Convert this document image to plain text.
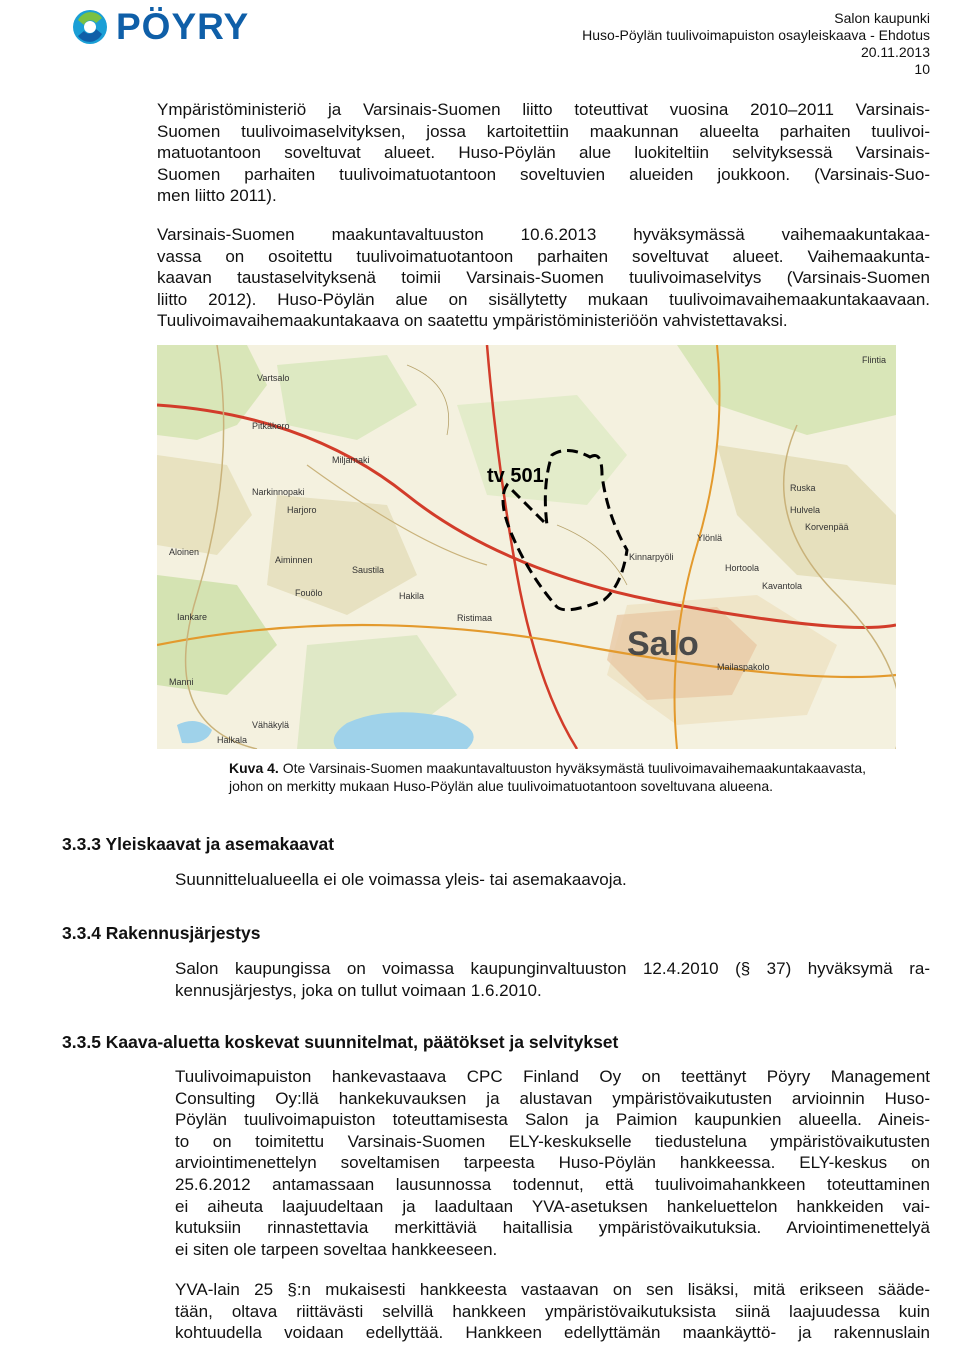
PÖYRY	Salon kaupunki
Huso-Pöylän tuulivoimapuiston osayleiskaava - Ehdotus
20.11.2013
10
Ympäristöministeriö ja Varsinais-Suomen liitto toteuttivat vuosina 2010–2011 Varsinais-
Suomen tuulivoimaselvityksen, jossa kartoitettiin maakunnan alueelta parhaiten tuulivoi-
matuotantoon soveltuvat alueet. Huso-Pöylän alue luokiteltiin selvityksessä Varsinais-
Suomen parhaiten tuulivoimatuotantoon soveltuvien alueiden joukkoon. (Varsinais-Suo-
men liitto 2011).
Varsinais-Suomen maakuntavaltuuston 10.6.2013 hyväksymässä vaihemaakuntakaa-
vassa on osoitettu tuulivoimatuotantoon parhaiten soveltuvat alueet. Vaihemaakunta-
kaavan taustaselvityksenä toimii Varsinais-Suomen tuulivoimaselvitys (Varsinais-Suomen
liitto 2012). Huso-Pöylän alue on sisällytetty mukaan tuulivoimavaihemaakuntakaavaan.
Tuulivoimavaihemaakuntakaava on saatettu ympäristöministeriöön vahvistettavaksi.
tv 501
Flintia
Vartsalo
Pitkäkero
Miljamaki
Narkinnopaki
Harjoro
Aiminnen
Ylönlä
Ruska
Hulvela
Korvenpää
Kinnarpyöli
Saustila
Fouölo	Hakila
Ristimaa
Kavantola
Hortoola
Mailaspakolo
Vähäkylä
Halkala
Iankare
Manni
Aloinen
Salo
Kuva 4. Ote Varsinais-Suomen maakuntavaltuuston hyväksymästä tuulivoimavaihemaakuntakaavasta,
johon on merkitty mukaan Huso-Pöylän alue tuulivoimatuotantoon soveltuvana alueena.
3.3.3 Yleiskaavat ja asemakaavat
Suunnittelualueella ei ole voimassa yleis- tai asemakaavoja.
3.3.4 Rakennusjärjestys
Salon kaupungissa on voimassa kaupunginvaltuuston 12.4.2010 (§ 37) hyväksymä ra-
kennusjärjestys, joka on tullut voimaan 1.6.2010.
3.3.5 Kaava-aluetta koskevat suunnitelmat, päätökset ja selvitykset
Tuulivoimapuiston hankevastaava CPC Finland Oy on teettänyt Pöyry Management
Consulting Oy:llä hankekuvauksen ja alustavan ympäristövaikutusten arvioinnin Huso-
Pöylän tuulivoimapuiston toteuttamisesta Salon ja Paimion kaupunkien alueella. Aineis-
to on toimitettu Varsinais-Suomen ELY-keskukselle tiedusteluna ympäristövaikutusten
arviointimenettelyn soveltamisen tarpeesta Huso-Pöylän hankkeessa. ELY-keskus on
25.6.2012 antamassaan lausunnossa todennut, että tuulivoimahankkeen toteuttaminen
ei aiheuta laajuudeltaan ja laadultaan YVA-asetuksen hankeluettelon hankkeiden vai-
kutuksiin rinnastettavia merkittäviä haitallisia ympäristövaikutuksia. Arviointimenettelyä
ei siten ole tarpeen soveltaa hankkeeseen.
YVA-lain 25 §:n mukaisesti hankkeesta vastaavan on sen lisäksi, mitä erikseen sääde-
tään, oltava riittävästi selvillä hankkeen ympäristövaikutuksista siinä laajuudessa kuin
kohtuudella voidaan edellyttää. Hankkeen edellyttämän maankäyttö- ja rakennuslain
